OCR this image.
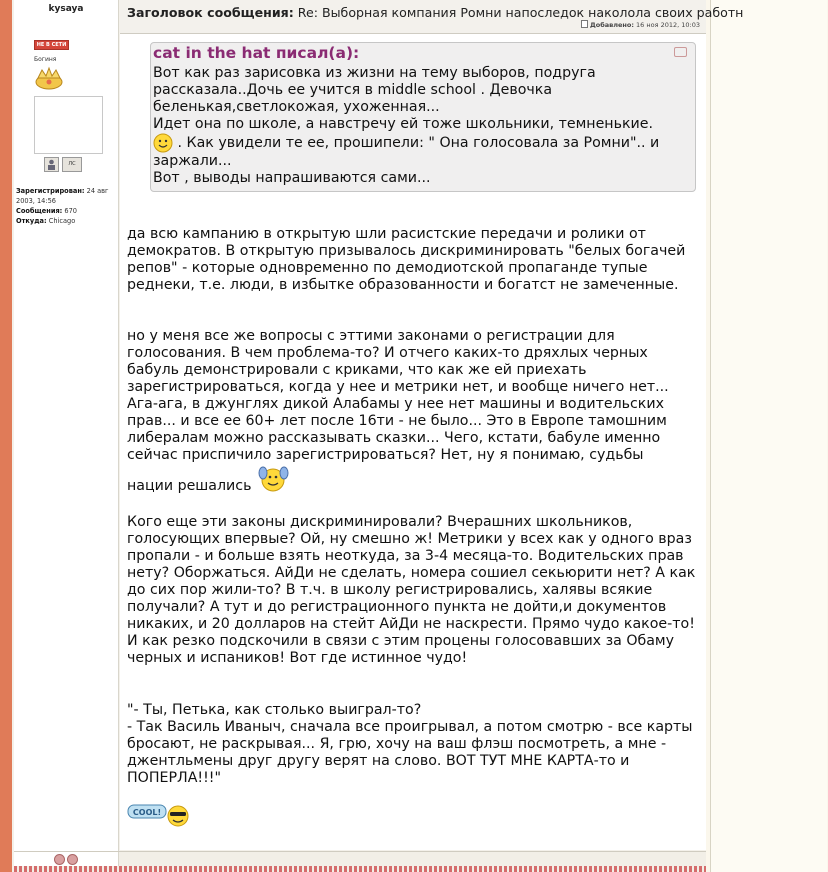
kysaya
НЕ В СЕТИ
Богиня
ЛС
Зарегистрирован: 24 авг 2003, 14:56
Сообщения: 670
Откуда: Chicago
Заголовок сообщения: Re: Выборная компания Ромни напоследок наколола своих работн
Добавлено: 16 ноя 2012, 10:03
cat in the hat писал(а):
Вот как раз зарисовка из жизни на тему выборов, подруга рассказала..Дочь ее учится в middle school . Девочка беленькая,светлокожая, ухоженная...
Идет она по школе, а навстречу ей тоже школьники, темненькие.
. Как увидели те ее, прошипели: " Она голосовала за Ромни".. и заржали...
Вот , выводы напрашиваются сами...

да всю кампанию в открытую шли расистские передачи и ролики от демократов. В открытую призывалось дискриминировать "белых богачей репов" - которые одновременно по демодиотской пропаганде тупые реднеки, т.е. люди, в избытке образованности и богатст не замеченные.

но у меня все же вопросы с эттими законами о регистрации для голосования. В чем проблема-то? И отчего каких-то дряхлых черных бабуль демонстрировали с криками, что как же ей приехать зарегистрироваться, когда у нее и метрики нет, и вообще ничего нет... Ага-ага, в джунглях дикой Алабамы у нее нет машины и водительских прав... и все ее 60+ лет после 16ти - не было... Это в Европе тамошним либералам можно рассказывать сказки... Чего, кстати, бабуле именно сейчас приспичило зарегистрироваться? Нет, ну я понимаю, судьбы
нации решались

Кого еще эти законы дискриминировали? Вчерашних школьников, голосующих впервые? Ой, ну смешно ж! Метрики у всех как у одного враз пропали - и больше взять неоткуда, за 3-4 месяца-то. Водительских прав нету? Оборжаться. АйДи не сделать, номера сошиел секьюрити нет? А как до сих пор жили-то? В т.ч. в школу регистрировались, халявы всякие получали? А тут и до регистрационного пункта не дойти,и документов никаких, и 20 долларов на стейт АйДи не наскрести. Прямо чудо какое-то! И как резко подскочили в связи с этим процены голосовавших за Обаму черных и испаников! Вот где истинное чудо!

"- Ты, Петька, как столько выиграл-то?
- Так Василь Иваныч, сначала все проигрывал, а потом смотрю - все карты бросают, не раскрывая... Я, грю, хочу на ваш флэш посмотреть, а мне - джентльмены друг другу верят на слово. ВОТ ТУТ МНЕ КАРТА-то и ПОПЕРЛА!!!"
COOL!
